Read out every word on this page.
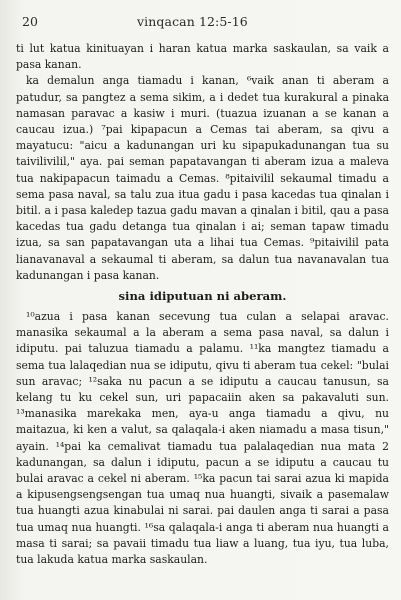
20	vinqacan 12:5-16

ti lut katua kinituayan i haran katua marka saskaulan, sa vaik a pasa kanan.

ka demalun anga tiamadu i kanan, ⁶vaik anan ti aberam a patudur, sa pangtez a sema sikim, a i dedet tua kurakural a pinaka namasan paravac a kasiw i muri. (tuazua izuanan a se kanan a caucau izua.) ⁷pai kipapacun a Cemas tai aberam, sa qivu a mayatucu: "aicu a kadunangan uri ku sipapukadunangan tua su taivilivilil," aya. pai seman papatavangan ti aberam izua a maleva tua nakipapacun taimadu a Cemas. ⁸pitaivilil sekaumal timadu a sema pasa naval, sa talu zua itua gadu i pasa kacedas tua qinalan i bitil. a i pasa kaledep tazua gadu mavan a qinalan i bitil, qau a pasa kacedas tua gadu detanga tua qinalan i ai; seman tapaw timadu izua, sa san papatavangan uta a lihai tua Cemas. ⁹pitaivilil pata lianavanaval a sekaumal ti aberam, sa dalun tua navanavalan tua kadunangan i pasa kanan.

sina idiputuan ni aberam.

¹⁰azua i pasa kanan secevung tua culan a selapai aravac. manasika sekaumal a la aberam a sema pasa naval, sa dalun i idiputu. pai taluzua tiamadu a palamu. ¹¹ka mangtez tiamadu a sema tua lalaqedian nua se idiputu, qivu ti aberam tua cekel: "bulai sun aravac; ¹²saka nu pacun a se idiputu a caucau tanusun, sa kelang tu ku cekel sun, uri papacaiin aken sa pakavaluti sun. ¹³manasika marekaka men, aya-u anga tiamadu a qivu, nu maitazua, ki ken a valut, sa qalaqala-i aken niamadu a masa tisun," ayain. ¹⁴pai ka cemalivat tiamadu tua palalaqedian nua mata 2 kadunangan, sa dalun i idiputu, pacun a se idiputu a caucau tu bulai aravac a cekel ni aberam. ¹⁵ka pacun tai sarai azua ki mapida a kipusengsengsengan tua umaq nua huangti, sivaik a pasemalaw tua huangti azua kinabulai ni sarai. pai daulen anga ti sarai a pasa tua umaq nua huangti. ¹⁶sa qalaqala-i anga ti aberam nua huangti a masa ti sarai; sa pavaii timadu tua liaw a luang, tua iyu, tua luba, tua lakuda katua marka saskaulan.
